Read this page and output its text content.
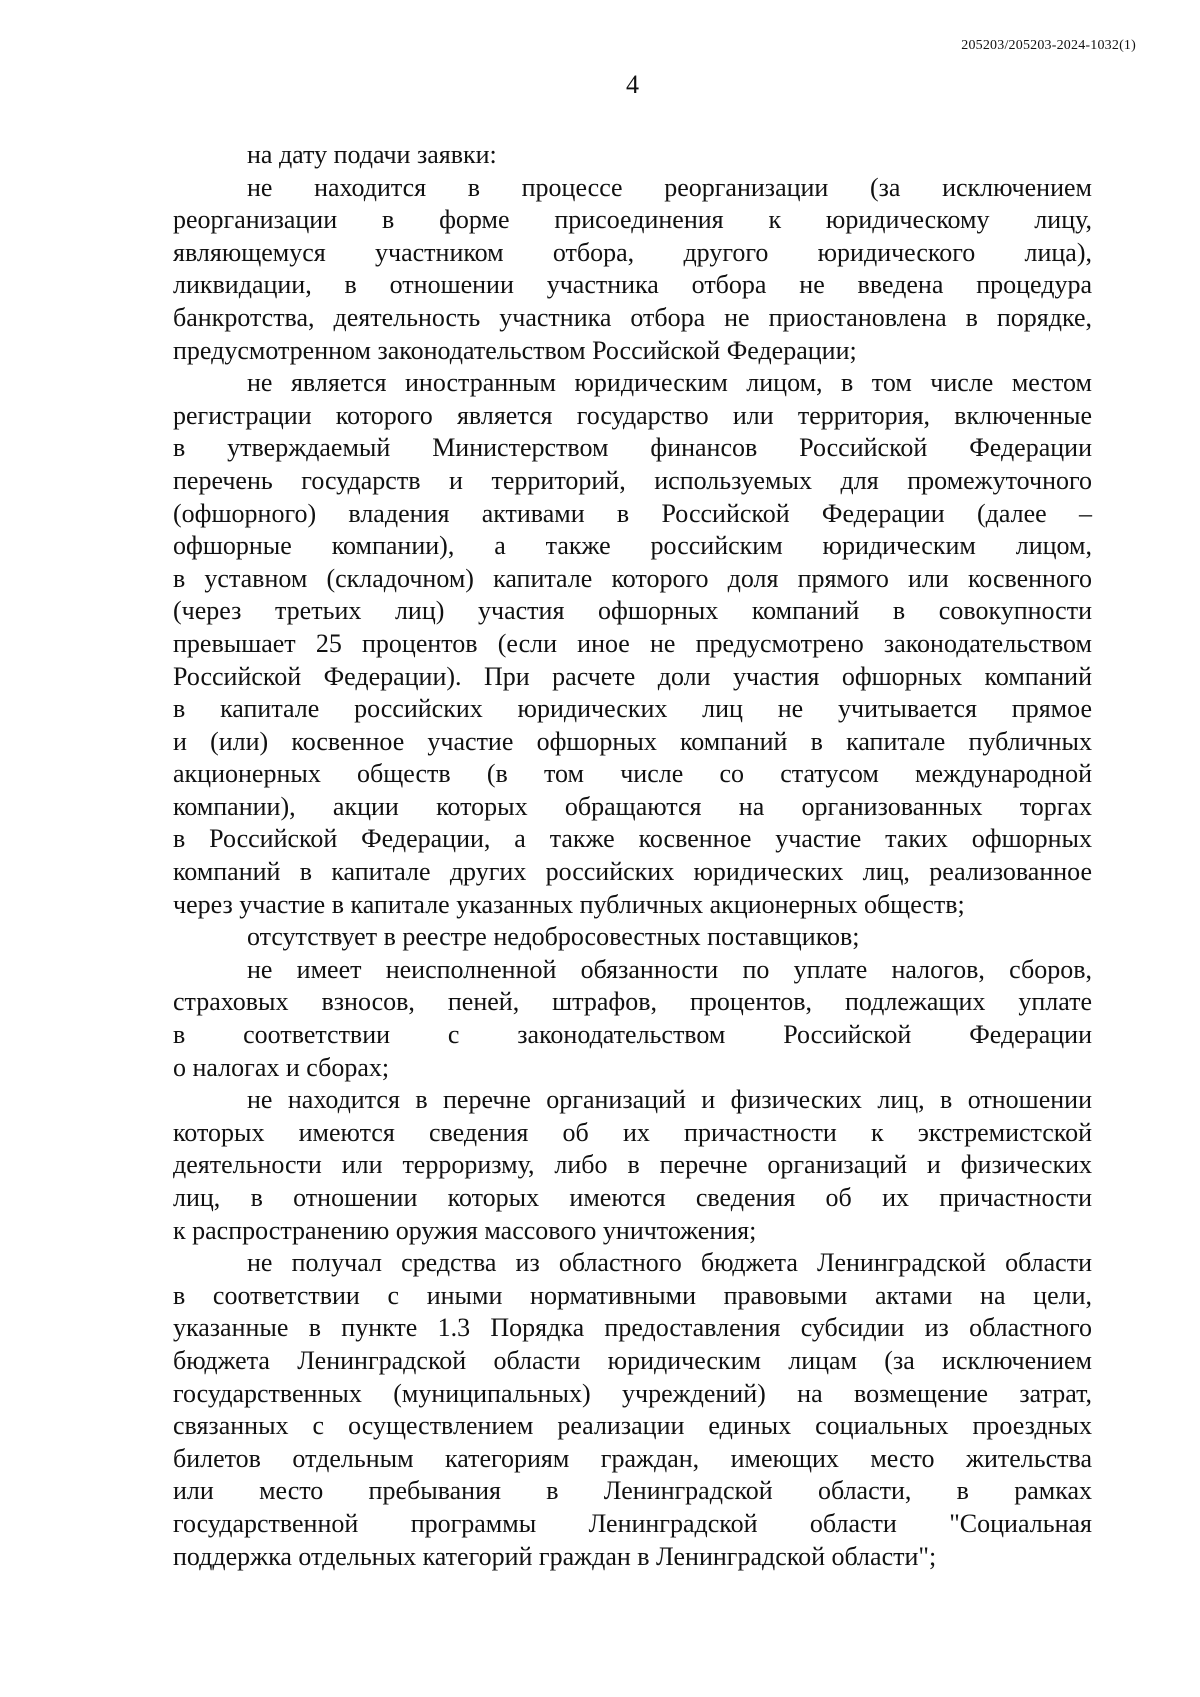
205203/205203-2024-1032(1)
4
на дату подачи заявки:
не находится в процессе реорганизации (за исключением
реорганизации в форме присоединения к юридическому лицу,
являющемуся участником отбора, другого юридического лица),
ликвидации, в отношении участника отбора не введена процедура
банкротства, деятельность участника отбора не приостановлена в порядке,
предусмотренном законодательством Российской Федерации;
не является иностранным юридическим лицом, в том числе местом
регистрации которого является государство или территория, включенные
в утверждаемый Министерством финансов Российской Федерации
перечень государств и территорий, используемых для промежуточного
(офшорного) владения активами в Российской Федерации (далее –
офшорные компании), а также российским юридическим лицом,
в уставном (складочном) капитале которого доля прямого или косвенного
(через третьих лиц) участия офшорных компаний в совокупности
превышает 25 процентов (если иное не предусмотрено законодательством
Российской Федерации). При расчете доли участия офшорных компаний
в капитале российских юридических лиц не учитывается прямое
и (или) косвенное участие офшорных компаний в капитале публичных
акционерных обществ (в том числе со статусом международной
компании), акции которых обращаются на организованных торгах
в Российской Федерации, а также косвенное участие таких офшорных
компаний в капитале других российских юридических лиц, реализованное
через участие в капитале указанных публичных акционерных обществ;
отсутствует в реестре недобросовестных поставщиков;
не имеет неисполненной обязанности по уплате налогов, сборов,
страховых взносов, пеней, штрафов, процентов, подлежащих уплате
в соответствии с законодательством Российской Федерации
о налогах и сборах;
не находится в перечне организаций и физических лиц, в отношении
которых имеются сведения об их причастности к экстремистской
деятельности или терроризму, либо в перечне организаций и физических
лиц, в отношении которых имеются сведения об их причастности
к распространению оружия массового уничтожения;
не получал средства из областного бюджета Ленинградской области
в соответствии с иными нормативными правовыми актами на цели,
указанные в пункте 1.3 Порядка предоставления субсидии из областного
бюджета Ленинградской области юридическим лицам (за исключением
государственных (муниципальных) учреждений) на возмещение затрат,
связанных с осуществлением реализации единых социальных проездных
билетов отдельным категориям граждан, имеющих место жительства
или место пребывания в Ленинградской области, в рамках
государственной программы Ленинградской области "Социальная
поддержка отдельных категорий граждан в Ленинградской области";
